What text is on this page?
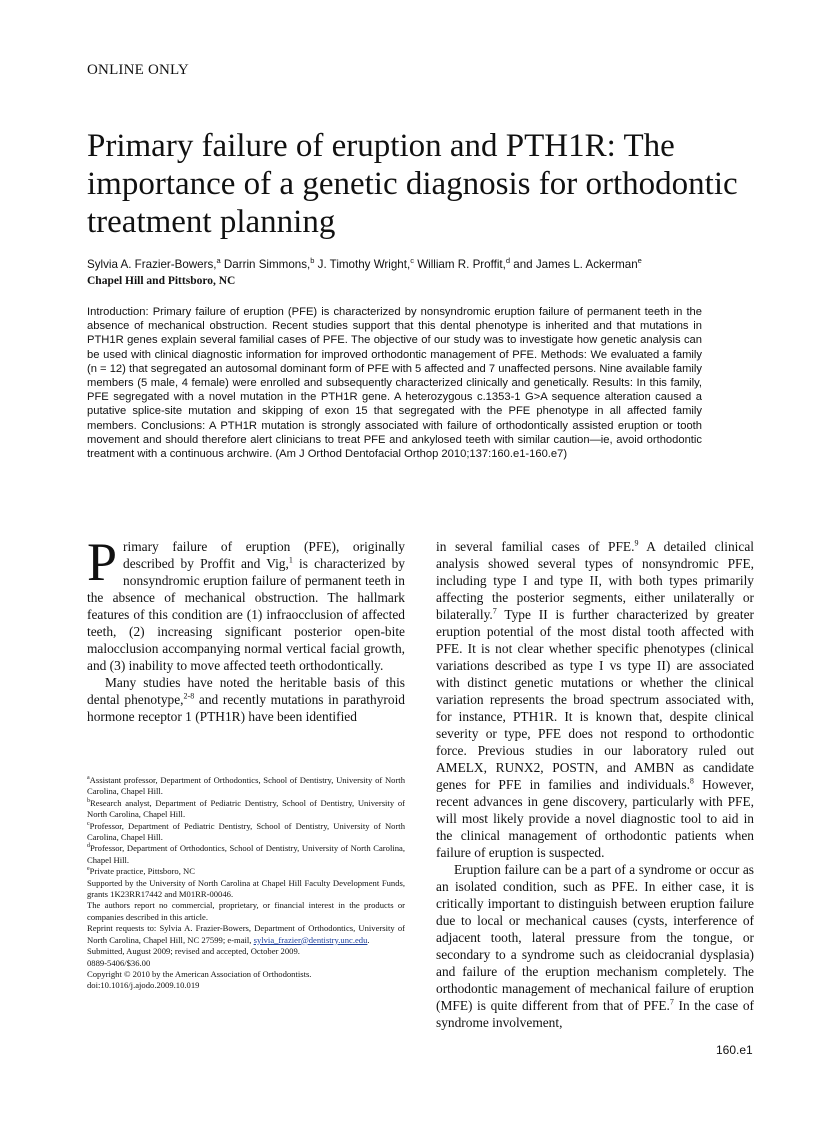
ONLINE ONLY
Primary failure of eruption and PTH1R: The importance of a genetic diagnosis for orthodontic treatment planning
Sylvia A. Frazier-Bowers,$^a$ Darrin Simmons,$^b$ J. Timothy Wright,$^c$ William R. Proffit,$^d$ and James L. Ackerman$^e$
Chapel Hill and Pittsboro, NC
Introduction: Primary failure of eruption (PFE) is characterized by nonsyndromic eruption failure of permanent teeth in the absence of mechanical obstruction. Recent studies support that this dental phenotype is inherited and that mutations in PTH1R genes explain several familial cases of PFE. The objective of our study was to investigate how genetic analysis can be used with clinical diagnostic information for improved orthodontic management of PFE. Methods: We evaluated a family (n = 12) that segregated an autosomal dominant form of PFE with 5 affected and 7 unaffected persons. Nine available family members (5 male, 4 female) were enrolled and subsequently characterized clinically and genetically. Results: In this family, PFE segregated with a novel mutation in the PTH1R gene. A heterozygous c.1353-1 G>A sequence alteration caused a putative splice-site mutation and skipping of exon 15 that segregated with the PFE phenotype in all affected family members. Conclusions: A PTH1R mutation is strongly associated with failure of orthodontically assisted eruption or tooth movement and should therefore alert clinicians to treat PFE and ankylosed teeth with similar caution—ie, avoid orthodontic treatment with a continuous archwire. (Am J Orthod Dentofacial Orthop 2010;137:160.e1-160.e7)

Primary failure of eruption (PFE), originally described by Proffit and Vig,$^1$ is characterized by nonsyndromic eruption failure of permanent teeth in the absence of mechanical obstruction. The hallmark features of this condition are (1) infraocclusion of affected teeth, (2) increasing significant posterior open-bite malocclusion accompanying normal vertical facial growth, and (3) inability to move affected teeth orthodontically.

Many studies have noted the heritable basis of this dental phenotype,$^{2-8}$ and recently mutations in parathyroid hormone receptor 1 (PTH1R) have been identified

in several familial cases of PFE.$^9$ A detailed clinical analysis showed several types of nonsyndromic PFE, including type I and type II, with both types primarily affecting the posterior segments, either unilaterally or bilaterally.$^7$ Type II is further characterized by greater eruption potential of the most distal tooth affected with PFE. It is not clear whether specific phenotypes (clinical variations described as type I vs type II) are associated with distinct genetic mutations or whether the clinical variation represents the broad spectrum associated with, for instance, PTH1R. It is known that, despite clinical severity or type, PFE does not respond to orthodontic force. Previous studies in our laboratory ruled out AMELX, RUNX2, POSTN, and AMBN as candidate genes for PFE in families and individuals.$^8$ However, recent advances in gene discovery, particularly with PFE, will most likely provide a novel diagnostic tool to aid in the clinical management of orthodontic patients when failure of eruption is suspected.

Eruption failure can be a part of a syndrome or occur as an isolated condition, such as PFE. In either case, it is critically important to distinguish between eruption failure due to local or mechanical causes (cysts, interference of adjacent tooth, lateral pressure from the tongue, or secondary to a syndrome such as cleidocranial dysplasia) and failure of the eruption mechanism completely. The orthodontic management of mechanical failure of eruption (MFE) is quite different from that of PFE.$^7$ In the case of syndrome involvement,

$^a$Assistant professor, Department of Orthodontics, School of Dentistry, University of North Carolina, Chapel Hill.

$^b$Research analyst, Department of Pediatric Dentistry, School of Dentistry, University of North Carolina, Chapel Hill.

$^c$Professor, Department of Pediatric Dentistry, School of Dentistry, University of North Carolina, Chapel Hill.

$^d$Professor, Department of Orthodontics, School of Dentistry, University of North Carolina, Chapel Hill.

$^e$Private practice, Pittsboro, NC

Supported by the University of North Carolina at Chapel Hill Faculty Development Funds, grants 1K23RR17442 and M01RR-00046.

The authors report no commercial, proprietary, or financial interest in the products or companies described in this article.

Reprint requests to: Sylvia A. Frazier-Bowers, Department of Orthodontics, University of North Carolina, Chapel Hill, NC 27599; e-mail, sylvia_frazier@dentistry.unc.edu.

Submitted, August 2009; revised and accepted, October 2009.

0889-5406/$36.00

Copyright © 2010 by the American Association of Orthodontists.

doi:10.1016/j.ajodo.2009.10.019

160.e1
